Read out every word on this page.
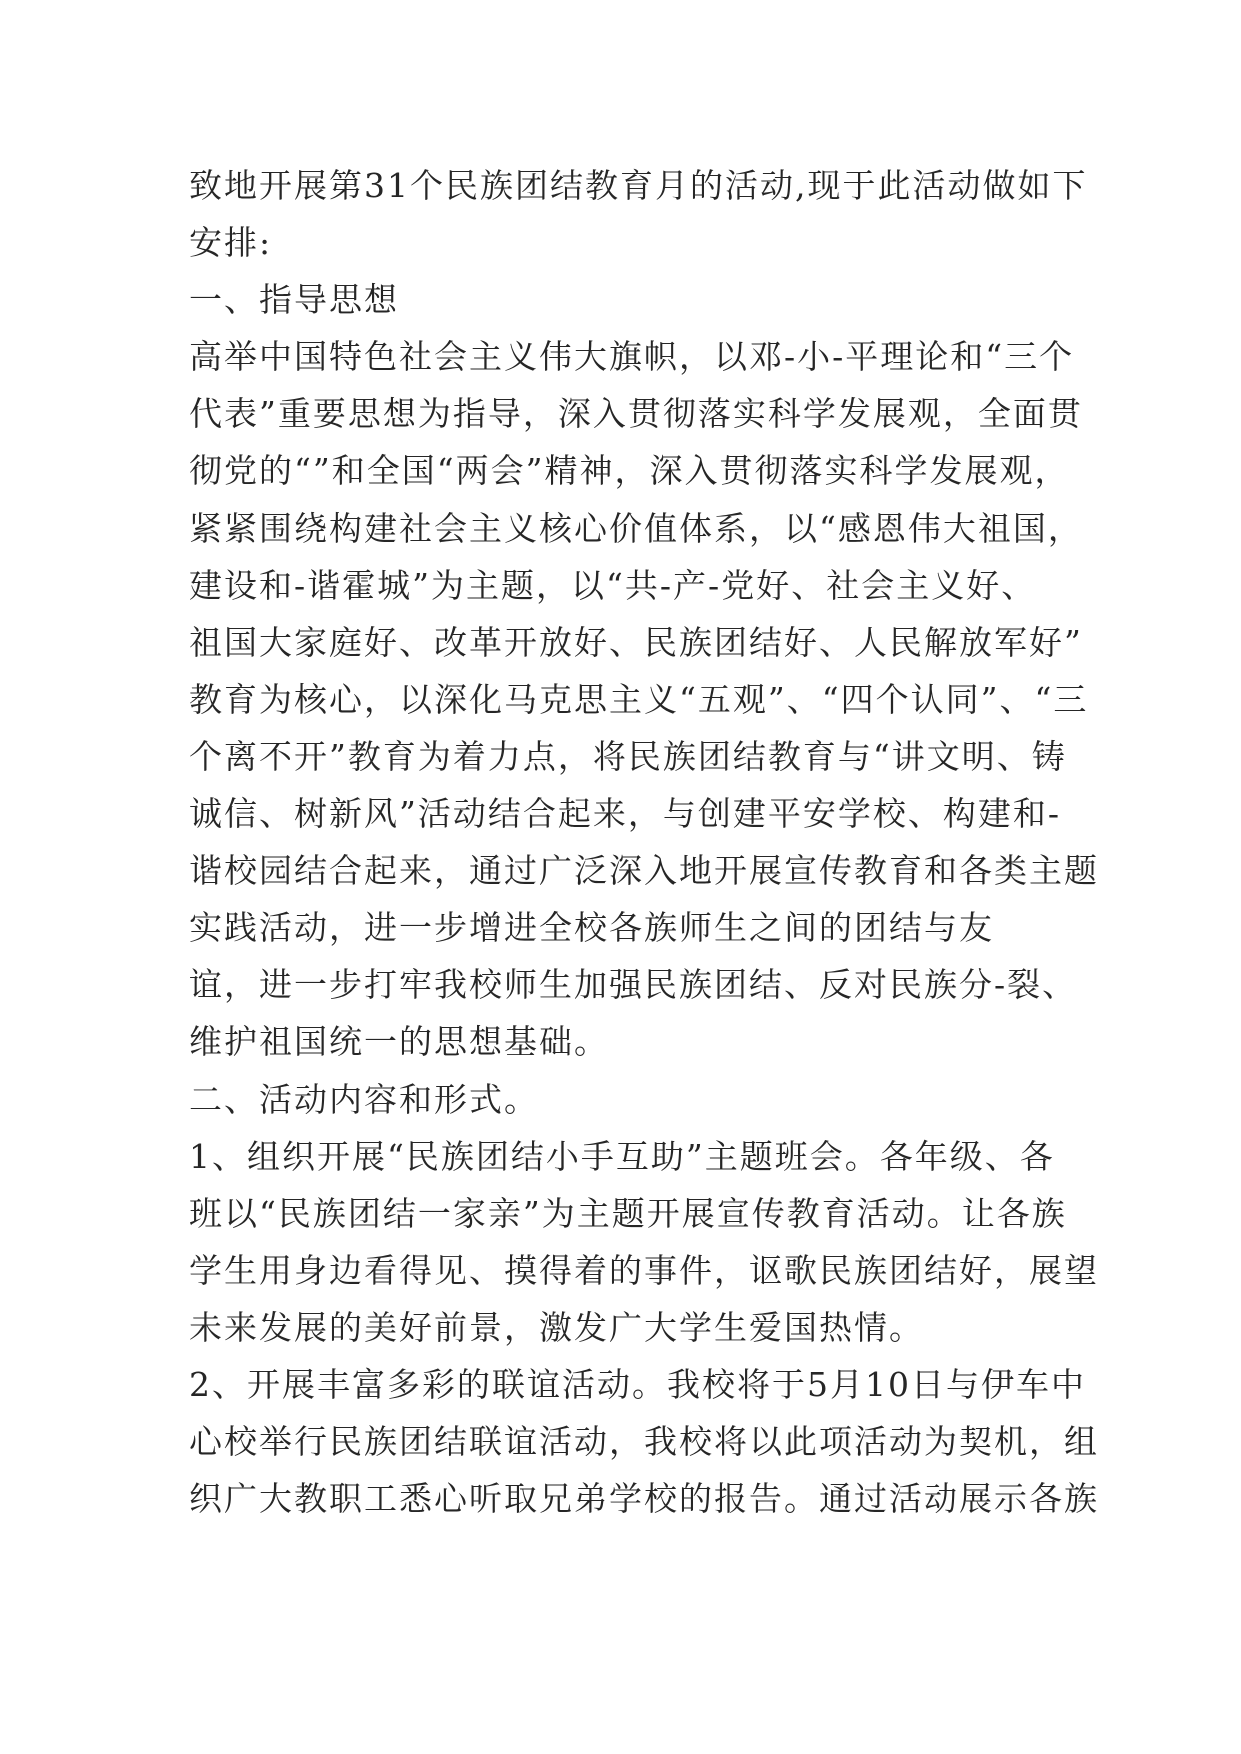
致地开展第31个民族团结教育月的活动,现于此活动做如下
安排:
一、指导思想
高举中国特色社会主义伟大旗帜，以邓-小-平理论和“三个
代表”重要思想为指导，深入贯彻落实科学发展观，全面贯
彻党的“”和全国“两会”精神，深入贯彻落实科学发展观，
紧紧围绕构建社会主义核心价值体系，以“感恩伟大祖国，
建设和-谐霍城”为主题，以“共-产-党好、社会主义好、
祖国大家庭好、改革开放好、民族团结好、人民解放军好”
教育为核心，以深化马克思主义“五观”、“四个认同”、“三
个离不开”教育为着力点，将民族团结教育与“讲文明、铸
诚信、树新风”活动结合起来，与创建平安学校、构建和-
谐校园结合起来，通过广泛深入地开展宣传教育和各类主题
实践活动，进一步增进全校各族师生之间的团结与友
谊，进一步打牢我校师生加强民族团结、反对民族分-裂、
维护祖国统一的思想基础。
二、活动内容和形式。
1、组织开展“民族团结小手互助”主题班会。各年级、各
班以“民族团结一家亲”为主题开展宣传教育活动。让各族
学生用身边看得见、摸得着的事件，讴歌民族团结好，展望
未来发展的美好前景，激发广大学生爱国热情。
2、开展丰富多彩的联谊活动。我校将于5月10日与伊车中
心校举行民族团结联谊活动，我校将以此项活动为契机，组
织广大教职工悉心听取兄弟学校的报告。通过活动展示各族
